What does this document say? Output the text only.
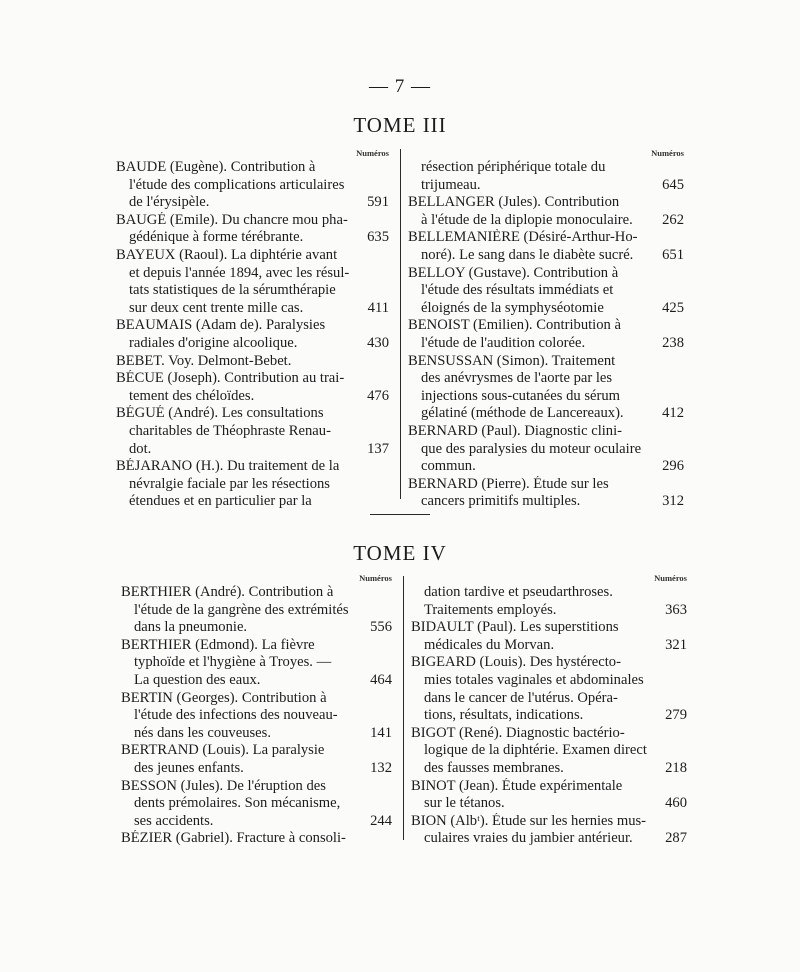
— 7 —
TOME III
Numéros
BAUDE (Eugène). Contribution à
l'étude des complications articulaires
de l'érysipèle.	591
BAUGÉ (Emile). Du chancre mou pha-
gédénique à forme térébrante.	635
BAYEUX (Raoul). La diphtérie avant
et depuis l'année 1894, avec les résul-
tats statistiques de la sérumthérapie
sur deux cent trente mille cas.	411
BEAUMAIS (Adam de). Paralysies
radiales d'origine alcoolique.	430
BEBET. Voy. Delmont-Bebet.
BÉCUE (Joseph). Contribution au trai-
tement des chéloïdes.	476
BÉGUÉ (André). Les consultations
charitables de Théophraste Renau-
dot.	137
BÉJARANO (H.). Du traitement de la
névralgie faciale par les résections
étendues et en particulier par la
Numéros
résection périphérique totale du
trijumeau.	645
BELLANGER (Jules). Contribution
à l'étude de la diplopie monoculaire.	262
BELLEMANIÈRE (Désiré-Arthur-Ho-
noré). Le sang dans le diabète sucré.	651
BELLOY (Gustave). Contribution à
l'étude des résultats immédiats et
éloignés de la symphyséotomie	425
BENOIST (Emilien). Contribution à
l'étude de l'audition colorée.	238
BENSUSSAN (Simon). Traitement
des anévrysmes de l'aorte par les
injections sous-cutanées du sérum
gélatiné (méthode de Lancereaux).	412
BERNARD (Paul). Diagnostic clini-
que des paralysies du moteur oculaire
commun.	296
BERNARD (Pierre). Étude sur les
cancers primitifs multiples.	312
TOME IV
Numéros
BERTHIER (André). Contribution à
l'étude de la gangrène des extrémités
dans la pneumonie.	556
BERTHIER (Edmond). La fièvre
typhoïde et l'hygiène à Troyes. —
La question des eaux.	464
BERTIN (Georges). Contribution à
l'étude des infections des nouveau-
nés dans les couveuses.	141
BERTRAND (Louis). La paralysie
des jeunes enfants.	132
BESSON (Jules). De l'éruption des
dents prémolaires. Son mécanisme,
ses accidents.	244
BÉZIER (Gabriel). Fracture à consoli-
Numéros
dation tardive et pseudarthroses.
Traitements employés.	363
BIDAULT (Paul). Les superstitions
médicales du Morvan.	321
BIGEARD (Louis). Des hystérecto-
mies totales vaginales et abdominales
dans le cancer de l'utérus. Opéra-
tions, résultats, indications.	279
BIGOT (René). Diagnostic bactério-
logique de la diphtérie. Examen direct
des fausses membranes.	218
BINOT (Jean). Étude expérimentale
sur le tétanos.	460
BION (Albᵗ). Étude sur les hernies mus-
culaires vraies du jambier antérieur.	287
